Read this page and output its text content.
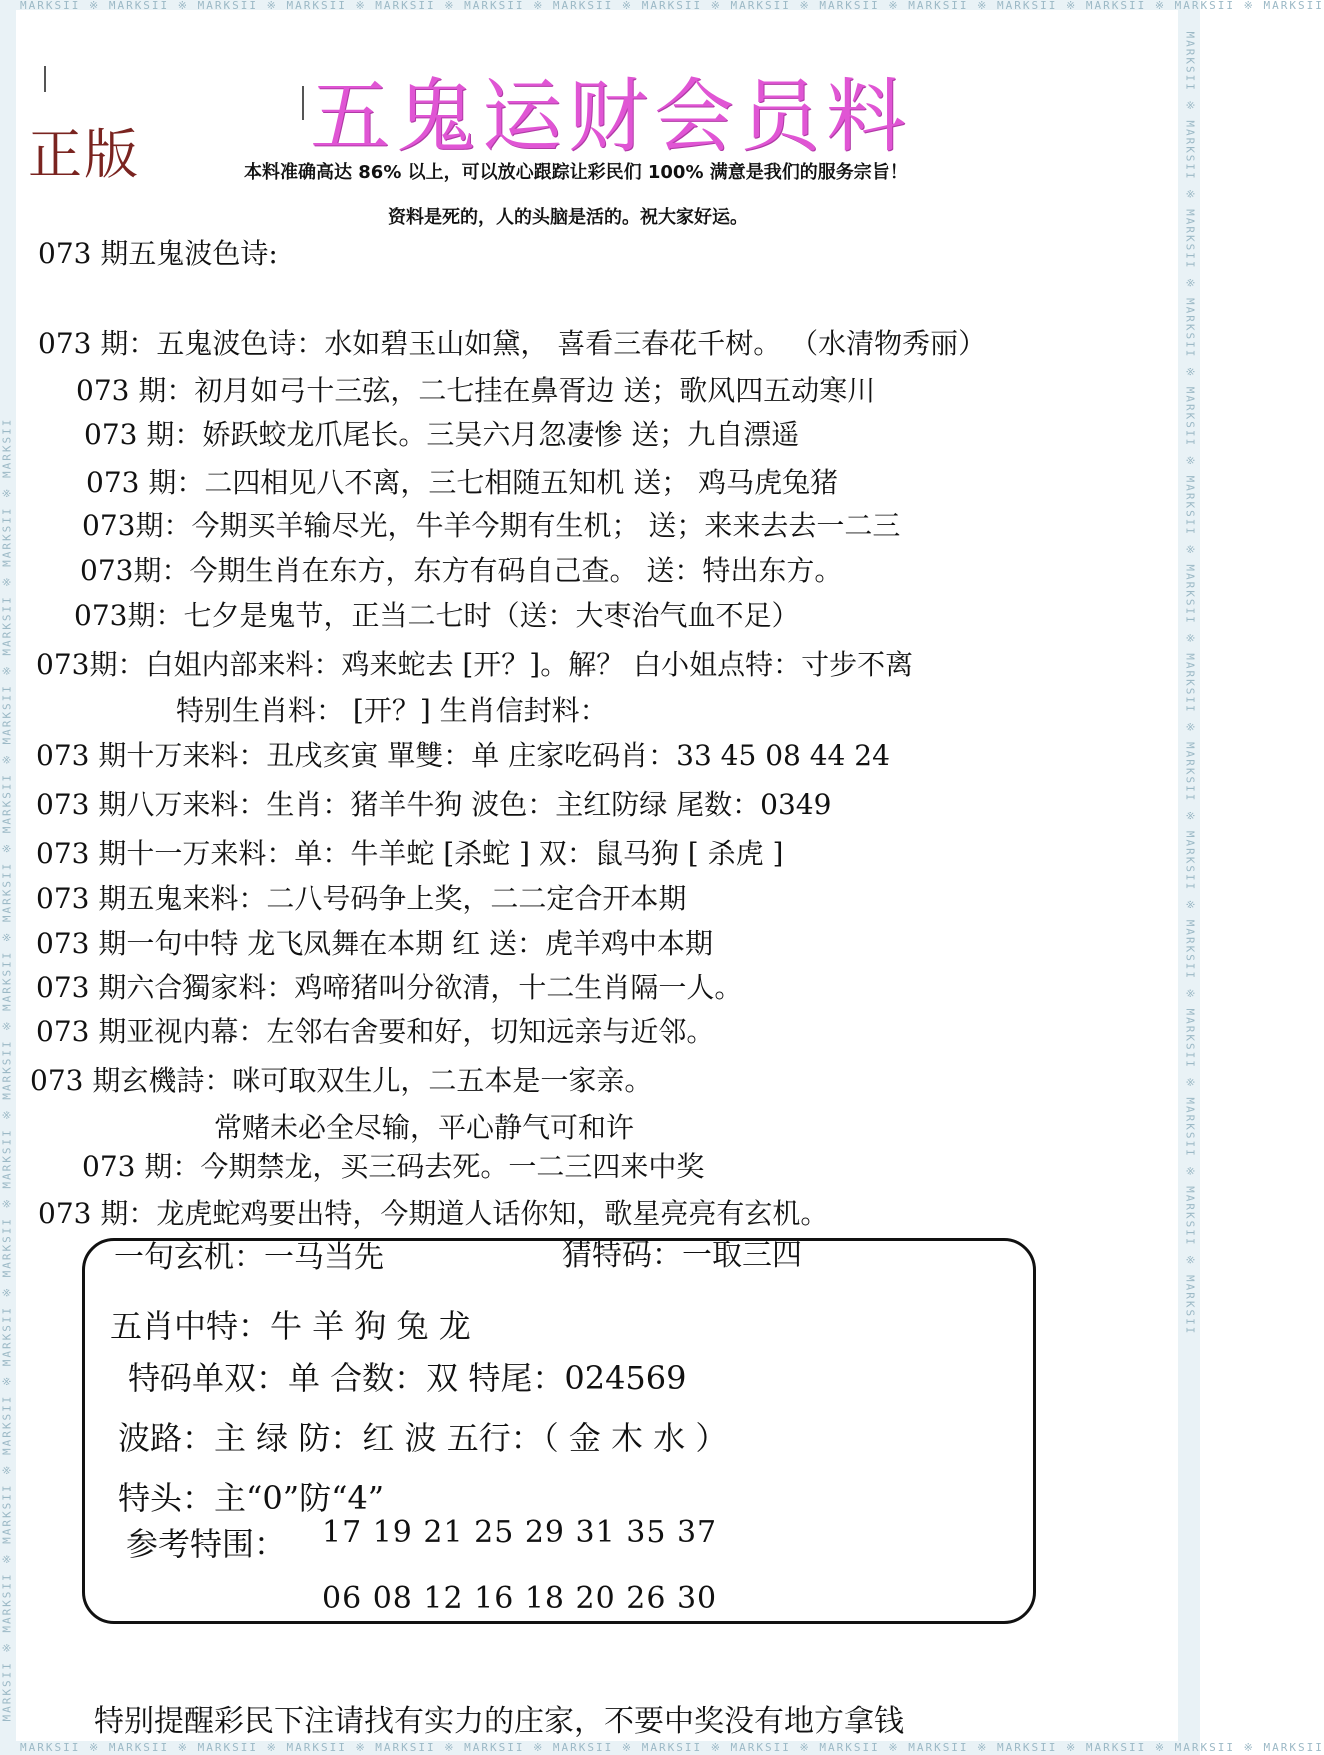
MARKSII ※ MARKSII ※ MARKSII ※ MARKSII ※ MARKSII ※ MARKSII ※ MARKSII ※ MARKSII ※ MARKSII ※ MARKSII ※ MARKSII ※ MARKSII ※ MARKSII ※ MARKSII ※ MARKSII	MARKSII ※ MARKSII ※ MARKSII ※ MARKSII ※ MARKSII ※ MARKSII ※ MARKSII ※ MARKSII ※ MARKSII ※ MARKSII ※ MARKSII ※ MARKSII ※ MARKSII ※ MARKSII ※ MARKSII
MARKSII ※ MARKSII ※ MARKSII ※ MARKSII ※ MARKSII ※ MARKSII ※ MARKSII ※ MARKSII ※ MARKSII ※ MARKSII ※ MARKSII ※ MARKSII ※ MARKSII ※ MARKSII ※ MARKSII
MARKSII ※ MARKSII ※ MARKSII ※ MARKSII ※ MARKSII ※ MARKSII ※ MARKSII ※ MARKSII ※ MARKSII ※ MARKSII ※ MARKSII ※ MARKSII ※ MARKSII ※ MARKSII ※ MARKSII
正版 五鬼运财会员料
本料准确高达 86% 以上，可以放心跟踪让彩民们 100% 满意是我们的服务宗旨！
资料是死的，人的头脑是活的。祝大家好运。
073 期五鬼波色诗:
073 期：五鬼波色诗：水如碧玉山如黛， 喜看三春花千树。 （水清物秀丽）
073 期：初月如弓十三弦，二七挂在鼻胥边 送；歌风四五动寒川
073 期：娇跃蛟龙爪尾长。三吴六月忽凄惨 送；九自漂遥
073 期：二四相见八不离，三七相随五知机 送； 鸡马虎兔猪
073期：今期买羊输尽光，牛羊今期有生机； 送；来来去去一二三
073期：今期生肖在东方，东方有码自己查。 送：特出东方。
073期：七夕是鬼节，正当二七时（送：大枣治气血不足）
073期：白姐内部来料：鸡来蛇去 [开？]。解？ 白小姐点特：寸步不离
特别生肖料： [开？] 生肖信封料：
073 期十万来料：丑戌亥寅 單雙：单 庄家吃码肖：33 45 08 44 24
073 期八万来料：生肖：猪羊牛狗 波色：主红防绿 尾数：0349
073 期十一万来料：单：牛羊蛇 [杀蛇 ] 双：鼠马狗 [ 杀虎 ]
073 期五鬼来料：二八号码争上奖，二二定合开本期
073 期一句中特 龙飞凤舞在本期 红 送：虎羊鸡中本期
073 期六合獨家料：鸡啼猪叫分欲清，十二生肖隔一人。
073 期亚视内幕：左邻右舍要和好，切知远亲与近邻。
073 期玄機詩：咪可取双生儿，二五本是一家亲。
常赌未必全尽输，平心静气可和许
073 期：今期禁龙，买三码去死。一二三四来中奖
073 期：龙虎蛇鸡要出特，今期道人话你知，歌星亮亮有玄机。
一句玄机：一马当先	猜特码：一取三四
五肖中特：牛 羊 狗 兔 龙
特码单双：单 合数：双 特尾：024569
波路：主 绿 防：红 波 五行：（ 金 木 水 ）
特头：主“0”防“4”
参考特围： 17 19 21 25 29 31 35 37
06 08 12 16 18 20 26 30
特别提醒彩民下注请找有实力的庄家，不要中奖没有地方拿钱
